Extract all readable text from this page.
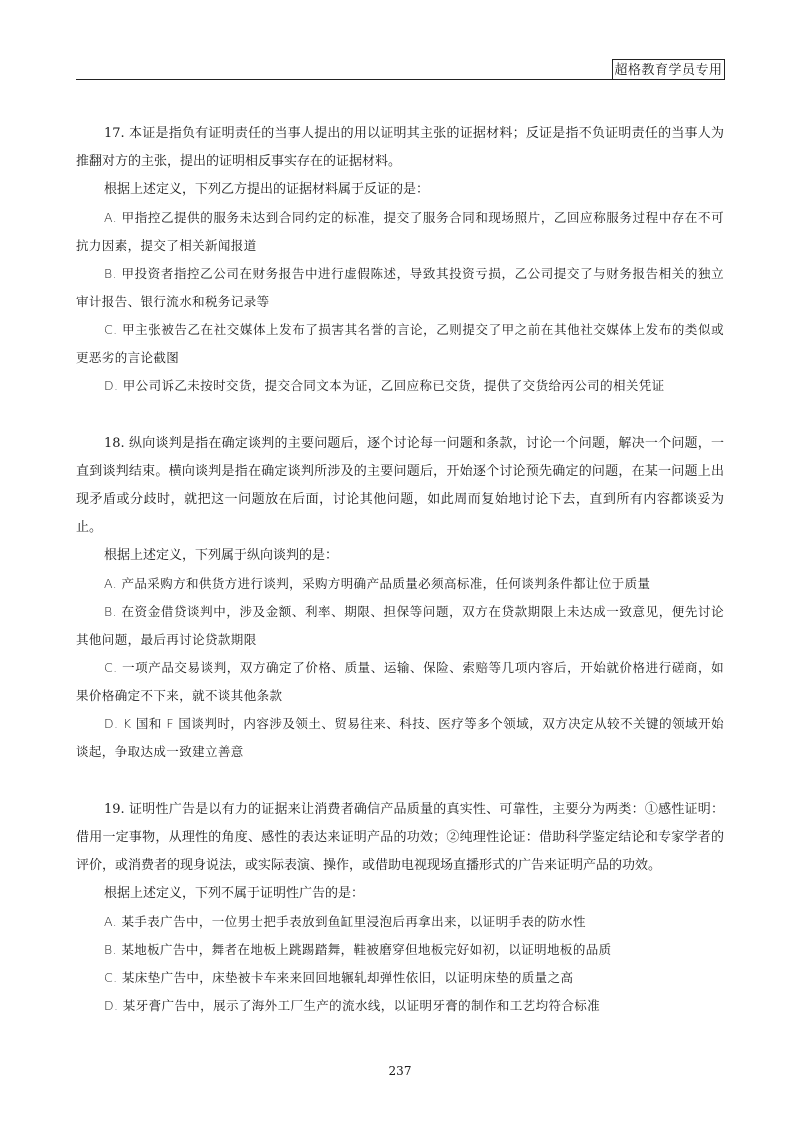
超格教育学员专用

17. 本证是指负有证明责任的当事人提出的用以证明其主张的证据材料；反证是指不负证明责任的当事人为推翻对方的主张，提出的证明相反事实存在的证据材料。

根据上述定义，下列乙方提出的证据材料属于反证的是：

A. 甲指控乙提供的服务未达到合同约定的标准，提交了服务合同和现场照片，乙回应称服务过程中存在不可抗力因素，提交了相关新闻报道

B. 甲投资者指控乙公司在财务报告中进行虚假陈述，导致其投资亏损，乙公司提交了与财务报告相关的独立审计报告、银行流水和税务记录等

C. 甲主张被告乙在社交媒体上发布了损害其名誉的言论，乙则提交了甲之前在其他社交媒体上发布的类似或更恶劣的言论截图

D. 甲公司诉乙未按时交货，提交合同文本为证，乙回应称已交货，提供了交货给丙公司的相关凭证

18. 纵向谈判是指在确定谈判的主要问题后，逐个讨论每一问题和条款，讨论一个问题，解决一个问题，一直到谈判结束。横向谈判是指在确定谈判所涉及的主要问题后，开始逐个讨论预先确定的问题，在某一问题上出现矛盾或分歧时，就把这一问题放在后面，讨论其他问题，如此周而复始地讨论下去，直到所有内容都谈妥为止。

根据上述定义，下列属于纵向谈判的是：

A. 产品采购方和供货方进行谈判，采购方明确产品质量必须高标准，任何谈判条件都让位于质量

B. 在资金借贷谈判中，涉及金额、利率、期限、担保等问题，双方在贷款期限上未达成一致意见，便先讨论其他问题，最后再讨论贷款期限

C. 一项产品交易谈判，双方确定了价格、质量、运输、保险、索赔等几项内容后，开始就价格进行磋商，如果价格确定不下来，就不谈其他条款

D. K 国和 F 国谈判时，内容涉及领土、贸易往来、科技、医疗等多个领域，双方决定从较不关键的领域开始谈起，争取达成一致建立善意

19. 证明性广告是以有力的证据来让消费者确信产品质量的真实性、可靠性，主要分为两类：①感性证明：借用一定事物，从理性的角度、感性的表达来证明产品的功效；②纯理性论证：借助科学鉴定结论和专家学者的评价，或消费者的现身说法，或实际表演、操作，或借助电视现场直播形式的广告来证明产品的功效。

根据上述定义，下列不属于证明性广告的是：

A. 某手表广告中，一位男士把手表放到鱼缸里浸泡后再拿出来，以证明手表的防水性

B. 某地板广告中，舞者在地板上跳踢踏舞，鞋被磨穿但地板完好如初，以证明地板的品质

C. 某床垫广告中，床垫被卡车来来回回地辗轧却弹性依旧，以证明床垫的质量之高

D. 某牙膏广告中，展示了海外工厂生产的流水线，以证明牙膏的制作和工艺均符合标准

237
